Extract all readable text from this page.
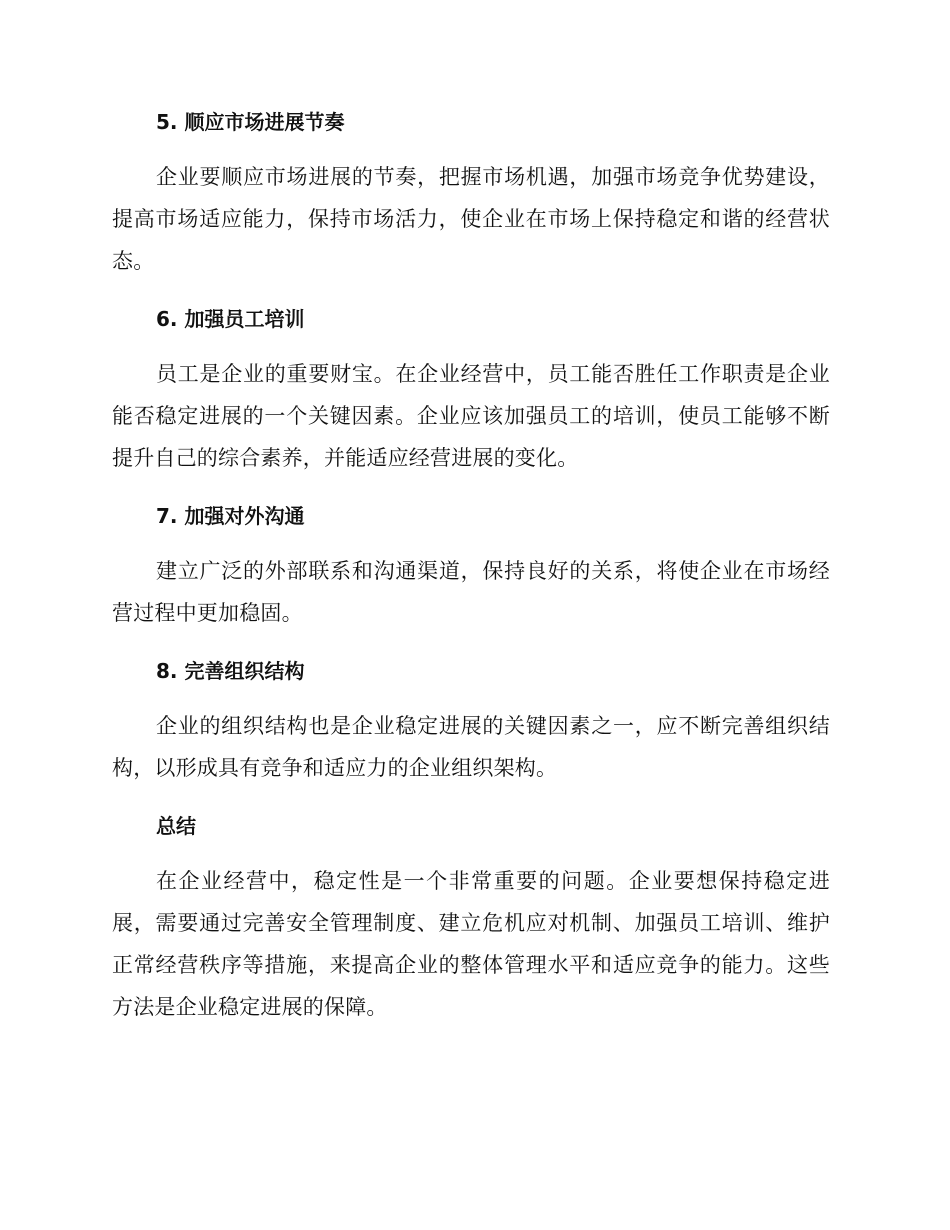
5. 顺应市场进展节奏

企业要顺应市场进展的节奏，把握市场机遇，加强市场竞争优势建设，提高市场适应能力，保持市场活力，使企业在市场上保持稳定和谐的经营状态。

6. 加强员工培训

员工是企业的重要财宝。在企业经营中，员工能否胜任工作职责是企业能否稳定进展的一个关键因素。企业应该加强员工的培训，使员工能够不断提升自己的综合素养，并能适应经营进展的变化。

7. 加强对外沟通

建立广泛的外部联系和沟通渠道，保持良好的关系，将使企业在市场经营过程中更加稳固。

8. 完善组织结构

企业的组织结构也是企业稳定进展的关键因素之一，应不断完善组织结构，以形成具有竞争和适应力的企业组织架构。

总结

在企业经营中，稳定性是一个非常重要的问题。企业要想保持稳定进展，需要通过完善安全管理制度、建立危机应对机制、加强员工培训、维护正常经营秩序等措施，来提高企业的整体管理水平和适应竞争的能力。这些方法是企业稳定进展的保障。
